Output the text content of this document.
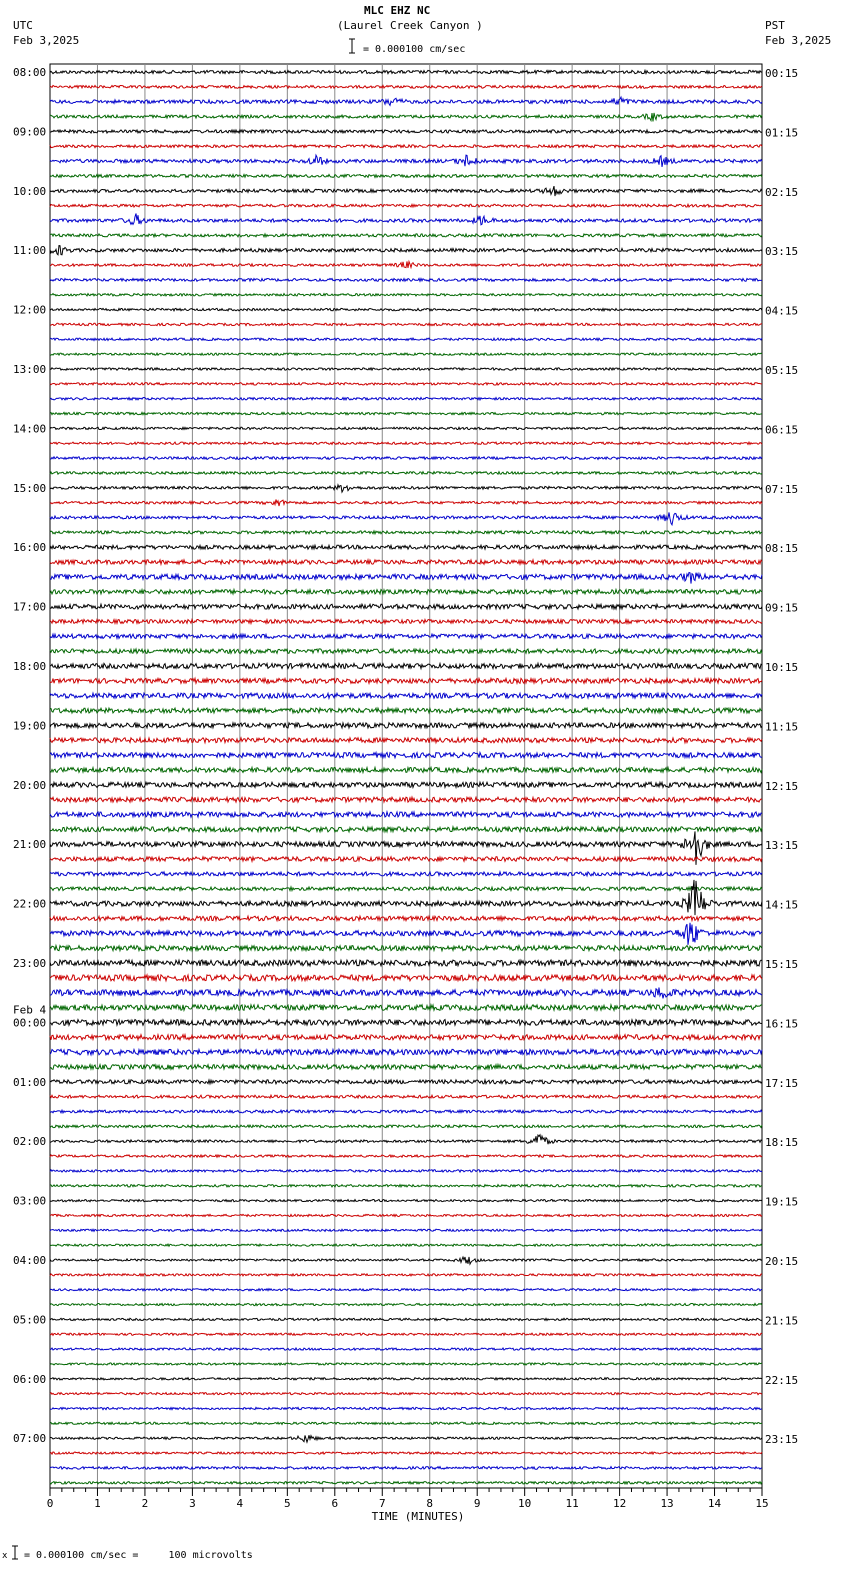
MLC EHZ NC
(Laurel Creek Canyon )
UTC
Feb 3,2025
PST
Feb 3,2025
= 0.000100 cm/sec
x = 0.000100 cm/sec =     100 microvolts
0	1	2	3	4	5	6	7	8	9	10	11	12	13	14	15
TIME (MINUTES)
08:00
09:00
10:00
11:00
12:00
13:00
14:00
15:00
16:00
17:00
18:00
19:00
20:00
21:00
22:00
23:00
00:00
01:00
02:00
03:00
04:00
05:00
06:00
07:00
00:15
01:15
02:15
03:15
04:15
05:15
06:15
07:15
08:15
09:15
10:15
11:15
12:15
13:15
14:15
15:15
16:15
17:15
18:15
19:15
20:15
21:15
22:15
23:15
Feb 4
